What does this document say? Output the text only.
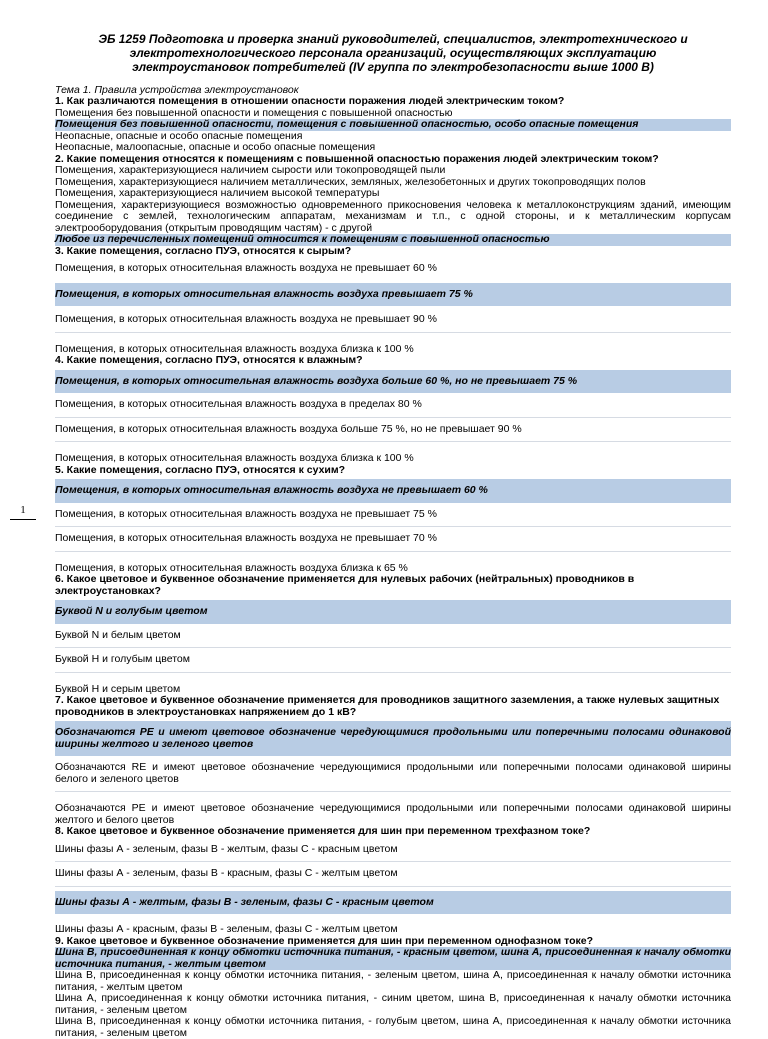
1
ЭБ 1259 Подготовка и проверка знаний руководителей, специалистов, электротехнического и электротехнологического персонала организаций, осуществляющих эксплуатацию электроустановок потребителей (IV группа по электробезопасности выше 1000 В)
Тема 1. Правила устройства электроустановок
1. Как различаются помещения в отношении опасности поражения людей электрическим током?
Помещения без повышенной опасности и помещения с повышенной опасностью
Помещения без повышенной опасности, помещения с повышенной опасностью, особо опасные помещения
Неопасные, опасные и особо опасные помещения
Неопасные, малоопасные, опасные и особо опасные помещения
2. Какие помещения относятся к помещениям с повышенной опасностью поражения людей электрическим током?
Помещения, характеризующиеся наличием сырости или токопроводящей пыли
Помещения, характеризующиеся наличием металлических, земляных, железобетонных и других токопроводящих полов
Помещения, характеризующиеся наличием высокой температуры
Помещения, характеризующиеся возможностью одновременного прикосновения человека к металлоконструкциям зданий, имеющим соединение с землей, технологическим аппаратам, механизмам и т.п., с одной стороны, и к металлическим корпусам электрооборудования (открытым проводящим частям) - с другой
Любое из перечисленных помещений относится к помещениям с повышенной опасностью
3. Какие помещения, согласно ПУЭ, относятся к сырым?
Помещения, в которых относительная влажность воздуха не превышает 60 %
Помещения, в которых относительная влажность воздуха превышает 75 %
Помещения, в которых относительная влажность воздуха не превышает 90 %
Помещения, в которых относительная влажность воздуха близка к 100 %
4. Какие помещения, согласно ПУЭ, относятся к влажным?
Помещения, в которых относительная влажность воздуха больше 60 %, но не превышает 75 %
Помещения, в которых относительная влажность воздуха в пределах 80 %
Помещения, в которых относительная влажность воздуха больше 75 %, но не превышает 90 %
Помещения, в которых относительная влажность воздуха близка к 100 %
5. Какие помещения, согласно ПУЭ, относятся к сухим?
Помещения, в которых относительная влажность воздуха не превышает 60 %
Помещения, в которых относительная влажность воздуха не превышает 75 %
Помещения, в которых относительная влажность воздуха не превышает 70 %
Помещения, в которых относительная влажность воздуха близка к 65 %
6. Какое цветовое и буквенное обозначение применяется для нулевых рабочих (нейтральных) проводников в электроустановках?
Буквой N и голубым цветом
Буквой N и белым цветом
Буквой Н и голубым цветом
Буквой Н и серым цветом
7. Какое цветовое и буквенное обозначение применяется для проводников защитного заземления, а также нулевых защитных проводников в электроустановках напряжением до 1 кВ?
Обозначаются PE и имеют цветовое обозначение чередующимися продольными или поперечными полосами одинаковой ширины желтого и зеленого цветов
Обозначаются RE и имеют цветовое обозначение чередующимися продольными или поперечными полосами одинаковой ширины белого и зеленого цветов
Обозначаются PE и имеют цветовое обозначение чередующимися продольными или поперечными полосами одинаковой ширины желтого и белого цветов
8. Какое цветовое и буквенное обозначение применяется для шин при переменном трехфазном токе?
Шины фазы А - зеленым, фазы В - желтым, фазы С - красным цветом
Шины фазы А - зеленым, фазы В - красным, фазы С - желтым цветом
Шины фазы А - желтым, фазы В - зеленым, фазы С - красным цветом
Шины фазы А - красным, фазы В - зеленым, фазы С - желтым цветом
9. Какое цветовое и буквенное обозначение применяется для шин при переменном однофазном токе?
Шина В, присоединенная к концу обмотки источника питания, - красным цветом, шина А, присоединенная к началу обмотки источника питания, - желтым цветом
Шина В, присоединенная к концу обмотки источника питания, - зеленым цветом, шина А, присоединенная к началу обмотки источника питания, - желтым цветом
Шина А, присоединенная к концу обмотки источника питания, - синим цветом, шина В, присоединенная к началу обмотки источника питания, - зеленым цветом
Шина В, присоединенная к концу обмотки источника питания, - голубым цветом, шина А, присоединенная к началу обмотки источника питания, - зеленым цветом
